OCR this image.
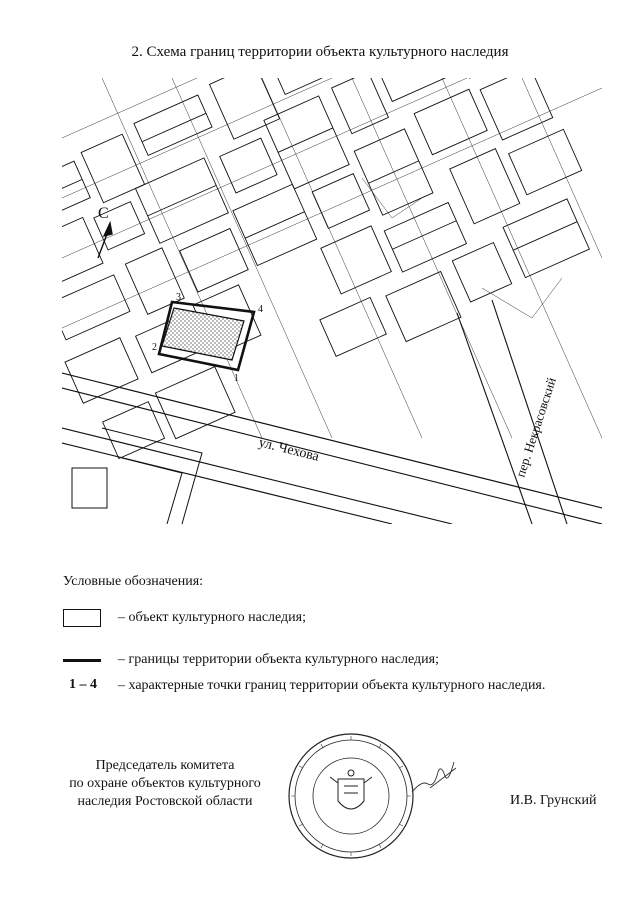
2. Схема границ территории объекта культурного наследия
С
3
4
2
1
ул. Чехова	пер. Некрасовский
Условные обозначения:
– объект культурного наследия;
– границы территории объекта культурного наследия;
1 – 4	– характерные точки границ территории объекта культурного наследия.
Председатель комитета
по охране объектов культурного
наследия Ростовской области	И.В. Грунский
